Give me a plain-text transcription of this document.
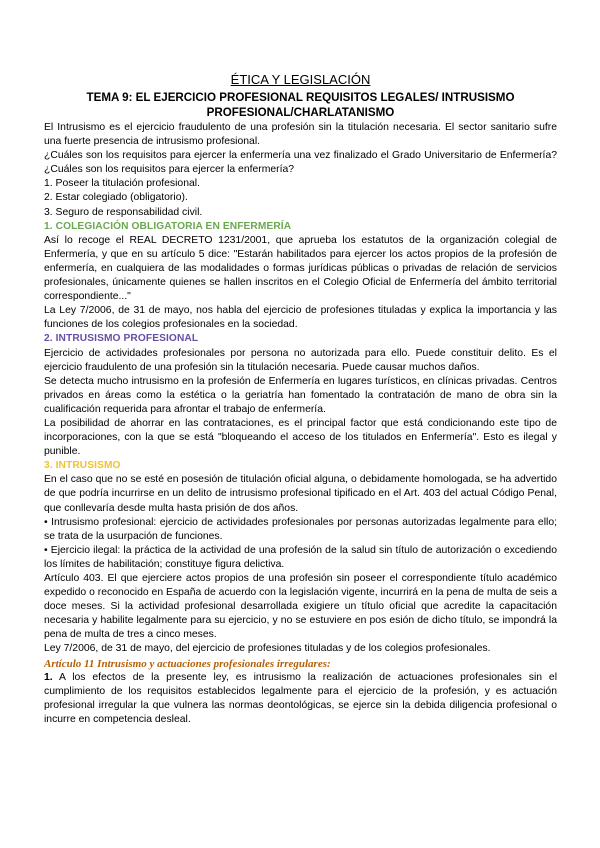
ÉTICA Y LEGISLACIÓN
TEMA 9: EL EJERCICIO PROFESIONAL REQUISITOS LEGALES/ INTRUSISMO PROFESIONAL/CHARLATANISMO

El Intrusismo es el ejercicio fraudulento de una profesión sin la titulación necesaria. El sector sanitario sufre una fuerte presencia de intrusismo profesional.

¿Cuáles son los requisitos para ejercer la enfermería una vez finalizado el Grado Universitario de Enfermería? ¿Cuáles son los requisitos para ejercer la enfermería?

1. Poseer la titulación profesional.

2. Estar colegiado (obligatorio).

3. Seguro de responsabilidad civil.

1. COLEGIACIÓN OBLIGATORIA EN ENFERMERÍA

Así lo recoge el REAL DECRETO 1231/2001, que aprueba los estatutos de la organización colegial de Enfermería, y que en su artículo 5 dice: "Estarán habilitados para ejercer los actos propios de la profesión de enfermería, en cualquiera de las modalidades o formas jurídicas públicas o privadas de relación de servicios profesionales, únicamente quienes se hallen inscritos en el Colegio Oficial de Enfermería del ámbito territorial correspondiente..."

La Ley 7/2006, de 31 de mayo, nos habla del ejercicio de profesiones tituladas y explica la importancia y las funciones de los colegios profesionales en la sociedad.

2. INTRUSISMO PROFESIONAL

Ejercicio de actividades profesionales por persona no autorizada para ello. Puede constituir delito. Es el ejercicio fraudulento de una profesión sin la titulación necesaria. Puede causar muchos daños.

Se detecta mucho intrusismo en la profesión de Enfermería en lugares turísticos, en clínicas privadas. Centros privados en áreas como la estética o la geriatría han fomentado la contratación de mano de obra sin la cualificación requerida para afrontar el trabajo de enfermería.

La posibilidad de ahorrar en las contrataciones, es el principal factor que está condicionando este tipo de incorporaciones, con la que se está "bloqueando el acceso de los titulados en Enfermería". Esto es ilegal y punible.

3. INTRUSISMO

En el caso que no se esté en posesión de titulación oficial alguna, o debidamente homologada, se ha advertido de que podría incurrirse en un delito de intrusismo profesional tipificado en el Art. 403 del actual Código Penal, que conllevaría desde multa hasta prisión de dos años.

• Intrusismo profesional: ejercicio de actividades profesionales por personas autorizadas legalmente para ello; se trata de la usurpación de funciones.

• Ejercicio ilegal: la práctica de la actividad de una profesión de la salud sin título de autorización o excediendo los límites de habilitación; constituye figura delictiva.

Artículo 403. El que ejerciere actos propios de una profesión sin poseer el correspondiente título académico expedido o reconocido en España de acuerdo con la legislación vigente, incurrirá en la pena de multa de seis a doce meses. Si la actividad profesional desarrollada exigiere un título oficial que acredite la capacitación necesaria y habilite legalmente para su ejercicio, y no se estuviere en pos esión de dicho título, se impondrá la pena de multa de tres a cinco meses.

Ley 7/2006, de 31 de mayo, del ejercicio de profesiones tituladas y de los colegios profesionales.

Artículo 11 Intrusismo y actuaciones profesionales irregulares:

1. A los efectos de la presente ley, es intrusismo la realización de actuaciones profesionales sin el cumplimiento de los requisitos establecidos legalmente para el ejercicio de la profesión, y es actuación profesional irregular la que vulnera las normas deontológicas, se ejerce sin la debida diligencia profesional o incurre en competencia desleal.
